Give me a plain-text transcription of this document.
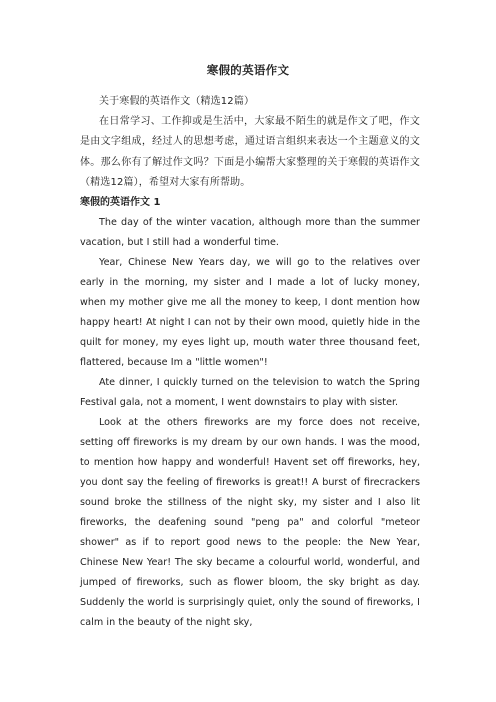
寒假的英语作文

关于寒假的英语作文（精选12篇）

在日常学习、工作抑或是生活中，大家最不陌生的就是作文了吧，作文是由文字组成，经过人的思想考虑，通过语言组织来表达一个主题意义的文体。那么你有了解过作文吗？下面是小编帮大家整理的关于寒假的英语作文（精选12篇），希望对大家有所帮助。

寒假的英语作文 1

The day of the winter vacation, although more than the summer vacation, but I still had a wonderful time.

Year, Chinese New Years day, we will go to the relatives over early in the morning, my sister and I made a lot of lucky money, when my mother give me all the money to keep, I dont mention how happy heart! At night I can not by their own mood, quietly hide in the quilt for money, my eyes light up, mouth water three thousand feet, flattered, because Im a "little women"!

Ate dinner, I quickly turned on the television to watch the Spring Festival gala, not a moment, I went downstairs to play with sister.

Look at the others fireworks are my force does not receive, setting off fireworks is my dream by our own hands. I was the mood, to mention how happy and wonderful! Havent set off fireworks, hey, you dont say the feeling of fireworks is great!! A burst of firecrackers sound broke the stillness of the night sky, my sister and I also lit fireworks, the deafening sound "peng pa" and colorful "meteor shower" as if to report good news to the people: the New Year, Chinese New Year! The sky became a colourful world, wonderful, and jumped of fireworks, such as flower bloom, the sky bright as day. Suddenly the world is surprisingly quiet, only the sound of fireworks, I calm in the beauty of the night sky,
